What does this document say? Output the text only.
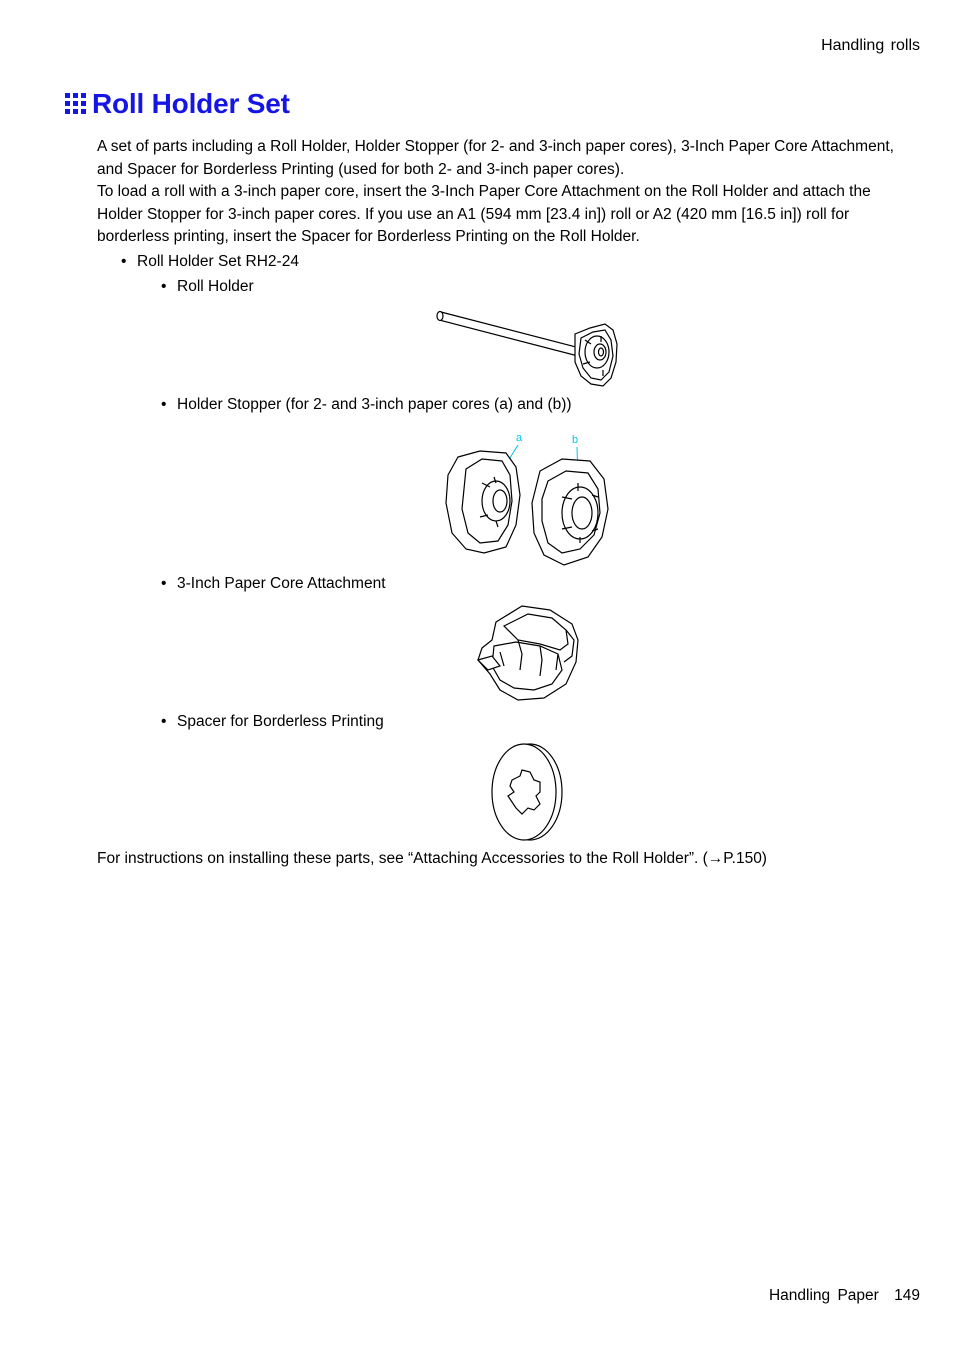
Handling rolls
Roll Holder Set

A set of parts including a Roll Holder, Holder Stopper (for 2- and 3-inch paper cores), 3-Inch Paper Core Attachment, and Spacer for Borderless Printing (used for both 2- and 3-inch paper cores).

To load a roll with a 3-inch paper core, insert the 3-Inch Paper Core Attachment on the Roll Holder and attach the Holder Stopper for 3-inch paper cores. If you use an A1 (594 mm [23.4 in]) roll or A2 (420 mm [16.5 in]) roll for borderless printing, insert the Spacer for Borderless Printing on the Roll Holder.

• Roll Holder Set RH2-24
• Roll Holder
• Holder Stopper (for 2- and 3-inch paper cores (a) and (b))
a	b
• 3-Inch Paper Core Attachment
• Spacer for Borderless Printing
For instructions on installing these parts, see “Attaching Accessories to the Roll Holder”. (→P.150)
Handling Paper 149
